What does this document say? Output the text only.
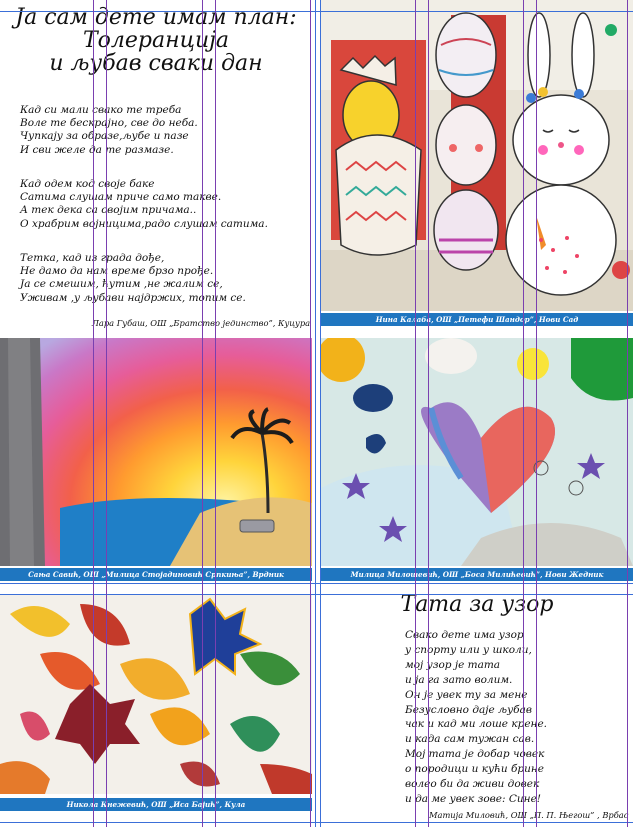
Ја сам дете имам план:
Толеранција
и љубав сваки дан
Кад си мали свако те треба
Воле те бескрајно, све до неба.
Чупкају за образе,љубе и пазе
И сви желе да те размазе.
Кад одем код своје баке
Сатима слушам приче само такве.
А тек дека са својим причама..
О храбрим војницима,радо слушам сатима.
Тетка, кад из града дође,
Не дамо да нам време брзо прође.
Ја се смешим, ћутим ,не жалим се,
Уживам ,у љубави најдржих, топим се.
Лара Губаш, ОШ „Братство јединство”, Куцура	Нина Калаба, ОШ „Петефи Шандор”, Нови Сад
Сања Савић, ОШ „Милица Стојадиновић Српкиња”, Врдник	Милица Милошевић, ОШ „Боса Милићевић”, Нови Жедник
Никола Кнежевић, ОШ „Иса Бајић”, Кула
Тата за узор
Свако дете има узор
у спорту или у школи,
мој узор је тата
и ја га зато волим.
Он је увек ту за мене
Безусловно даје љубав
чак и кад ми лоше крене.
и када сам тужан сав.
Мој тата је добар човек
о породици и кући брине
волео би да живи довек
и да ме увек зове: Сине!
Матија Миловић, ОШ „П. П. Његош” , Врбас
